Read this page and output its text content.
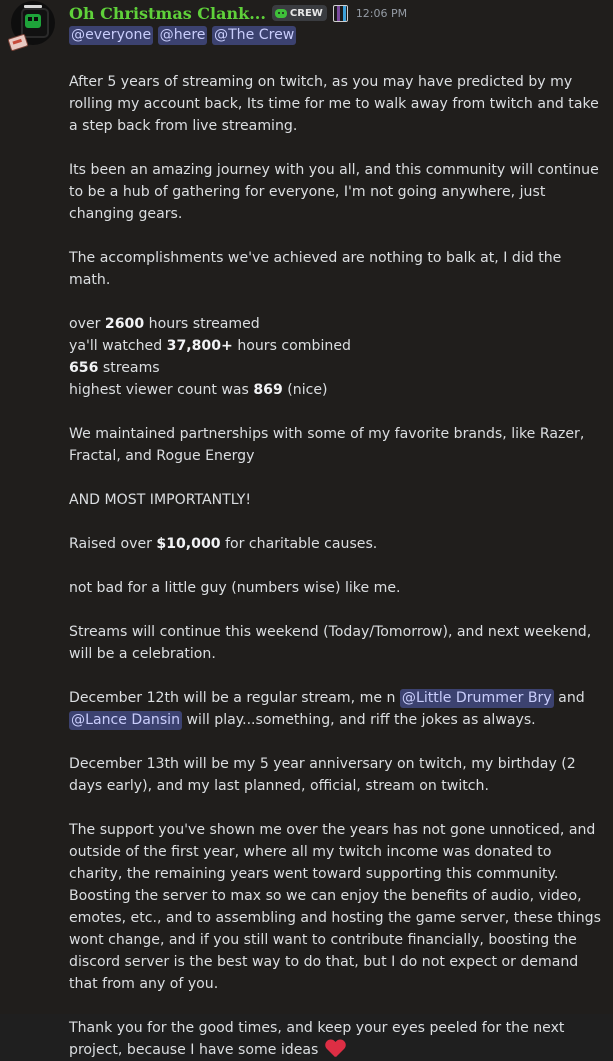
Oh Christmas Clank... CREW	12:06 PM
@everyone @here @The Crew

After 5 years of streaming on twitch, as you may have predicted by my rolling my account back, Its time for me to walk away from twitch and take a step back from live streaming.

Its been an amazing journey with you all, and this community will continue to be a hub of gathering for everyone, I'm not going anywhere, just changing gears.

The accomplishments we've achieved are nothing to balk at, I did the math.

over 2600 hours streamed
ya'll watched 37,800+ hours combined
656 streams
highest viewer count was 869 (nice)

We maintained partnerships with some of my favorite brands, like Razer, Fractal, and Rogue Energy

AND MOST IMPORTANTLY!

Raised over $10,000 for charitable causes.

not bad for a little guy (numbers wise) like me.

Streams will continue this weekend (Today/Tomorrow), and next weekend, will be a celebration.

December 12th will be a regular stream, me n @Little Drummer Bry and @Lance Dansin will play...something, and riff the jokes as always.

December 13th will be my 5 year anniversary on twitch, my birthday (2 days early), and my last planned, official, stream on twitch.

The support you've shown me over the years has not gone unnoticed, and outside of the first year, where all my twitch income was donated to charity, the remaining years went toward supporting this community. Boosting the server to max so we can enjoy the benefits of audio, video, emotes, etc., and to assembling and hosting the game server, these things wont change, and if you still want to contribute financially, boosting the discord server is the best way to do that, but I do not expect or demand that from any of you.

Thank you for the good times, and keep your eyes peeled for the next project, because I have some ideas
